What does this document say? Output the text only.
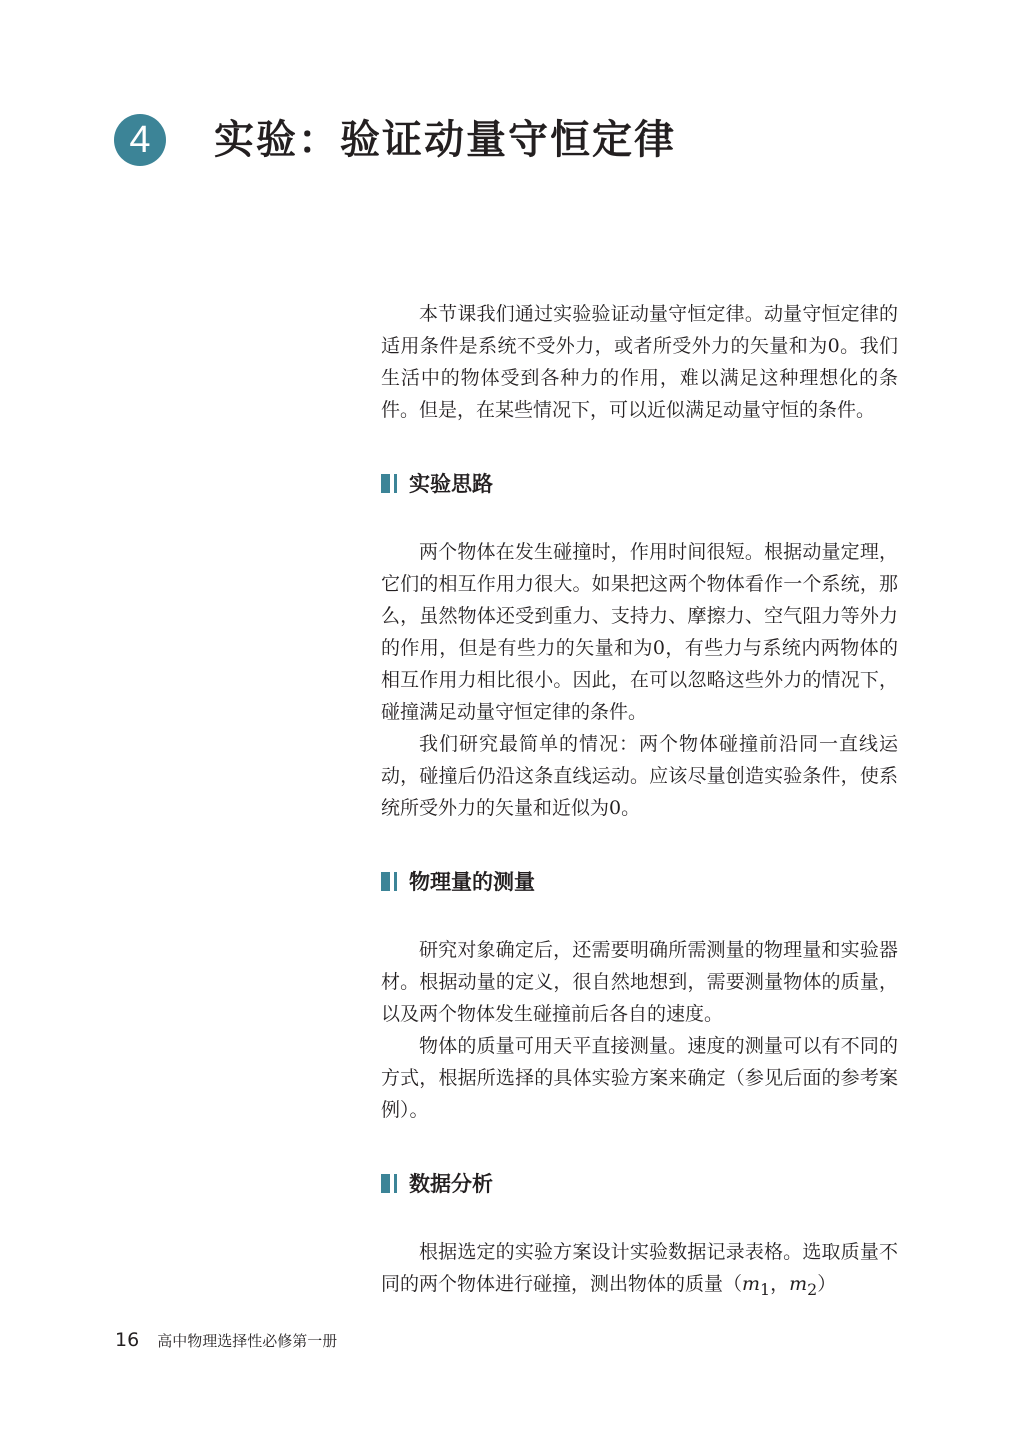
4	实验：验证动量守恒定律

本节课我们通过实验验证动量守恒定律。动量守恒定律的适用条件是系统不受外力，或者所受外力的矢量和为0。我们生活中的物体受到各种力的作用，难以满足这种理想化的条件。但是，在某些情况下，可以近似满足动量守恒的条件。

实验思路

两个物体在发生碰撞时，作用时间很短。根据动量定理，它们的相互作用力很大。如果把这两个物体看作一个系统，那么，虽然物体还受到重力、支持力、摩擦力、空气阻力等外力的作用，但是有些力的矢量和为0，有些力与系统内两物体的相互作用力相比很小。因此，在可以忽略这些外力的情况下，碰撞满足动量守恒定律的条件。

我们研究最简单的情况：两个物体碰撞前沿同一直线运动，碰撞后仍沿这条直线运动。应该尽量创造实验条件，使系统所受外力的矢量和近似为0。

物理量的测量

研究对象确定后，还需要明确所需测量的物理量和实验器材。根据动量的定义，很自然地想到，需要测量物体的质量，以及两个物体发生碰撞前后各自的速度。

物体的质量可用天平直接测量。速度的测量可以有不同的方式，根据所选择的具体实验方案来确定（参见后面的参考案例）。

数据分析

根据选定的实验方案设计实验数据记录表格。选取质量不同的两个物体进行碰撞，测出物体的质量（$m_1$，$m_2$）

16 高中物理选择性必修第一册
